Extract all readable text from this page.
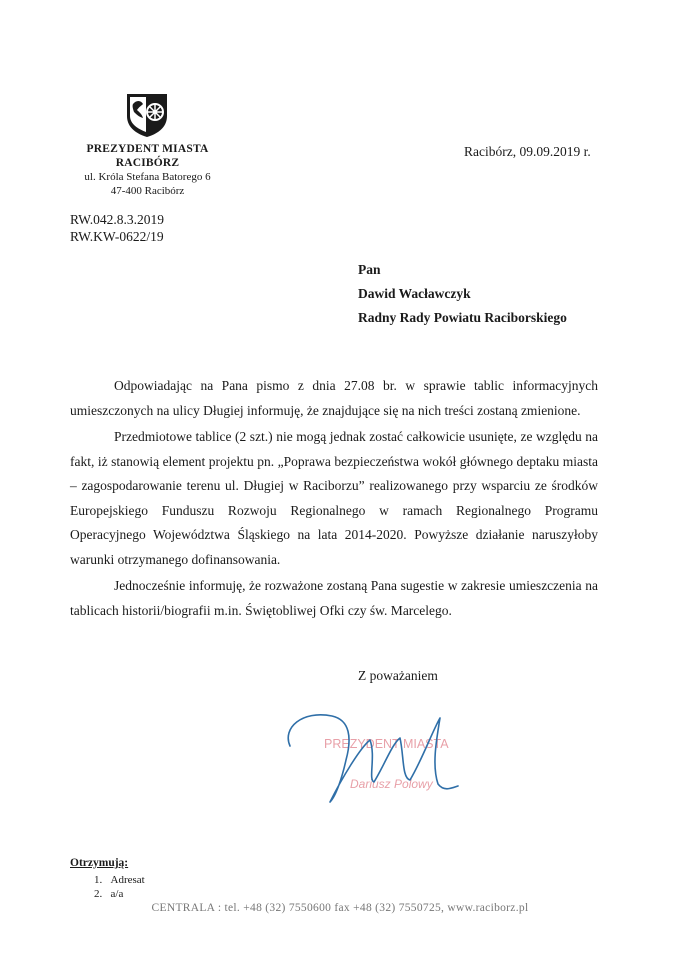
PREZYDENT MIASTA
RACIBÓRZ
ul. Króla Stefana Batorego 6
47-400 Racibórz
Racibórz, 09.09.2019 r.
RW.042.8.3.2019
RW.KW-0622/19
Pan
Dawid Wacławczyk
Radny Rady Powiatu Raciborskiego

Odpowiadając na Pana pismo z dnia 27.08 br. w sprawie tablic informacyjnych umieszczonych na ulicy Długiej informuję, że znajdujące się na nich treści zostaną zmienione.

Przedmiotowe tablice (2 szt.) nie mogą jednak zostać całkowicie usunięte, ze względu na fakt, iż stanowią element projektu pn. „Poprawa bezpieczeństwa wokół głównego deptaku miasta – zagospodarowanie terenu ul. Długiej w Raciborzu” realizowanego przy wsparciu ze środków Europejskiego Funduszu Rozwoju Regionalnego w ramach Regionalnego Programu Operacyjnego Województwa Śląskiego na lata 2014-2020. Powyższe działanie naruszyłoby warunki otrzymanego dofinansowania.

Jednocześnie informuję, że rozważone zostaną Pana sugestie w zakresie umieszczenia na tablicach historii/biografii m.in. Świętobliwej Ofki czy św. Marcelego.

Z poważaniem
PREZYDENT MIASTA
Dariusz Polowy
Otrzymują:
1. Adresat
2. a/a
CENTRALA : tel. +48 (32) 7550600 fax +48 (32) 7550725, www.raciborz.pl
